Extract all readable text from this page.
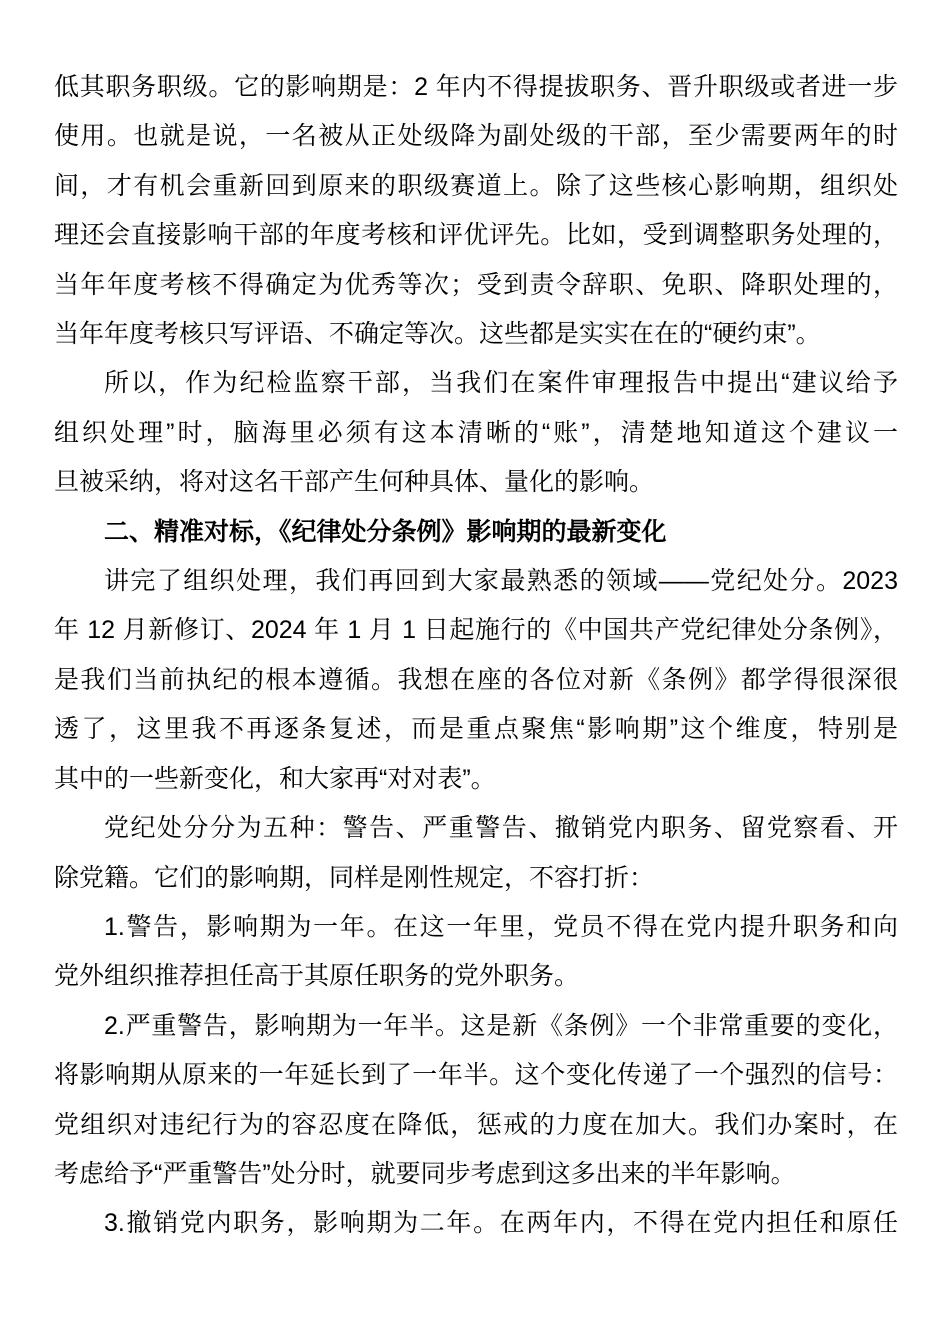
低其职务职级。它的影响期是：2 年内不得提拔职务、晋升职级或者进一步
使用。也就是说，一名被从正处级降为副处级的干部，至少需要两年的时
间，才有机会重新回到原来的职级赛道上。除了这些核心影响期，组织处
理还会直接影响干部的年度考核和评优评先。比如，受到调整职务处理的，
当年年度考核不得确定为优秀等次；受到责令辞职、免职、降职处理的，
当年年度考核只写评语、不确定等次。这些都是实实在在的“硬约束”。
所以，作为纪检监察干部，当我们在案件审理报告中提出“建议给予
组织处理”时，脑海里必须有这本清晰的“账”，清楚地知道这个建议一
旦被采纳，将对这名干部产生何种具体、量化的影响。
二、精准对标，《纪律处分条例》影响期的最新变化
讲完了组织处理，我们再回到大家最熟悉的领域——党纪处分。2023
年 12 月新修订、2024 年 1 月 1 日起施行的《中国共产党纪律处分条例》，
是我们当前执纪的根本遵循。我想在座的各位对新《条例》都学得很深很
透了，这里我不再逐条复述，而是重点聚焦“影响期”这个维度，特别是
其中的一些新变化，和大家再“对对表”。
党纪处分分为五种：警告、严重警告、撤销党内职务、留党察看、开
除党籍。它们的影响期，同样是刚性规定，不容打折：
1.警告，影响期为一年。在这一年里，党员不得在党内提升职务和向
党外组织推荐担任高于其原任职务的党外职务。
2.严重警告，影响期为一年半。这是新《条例》一个非常重要的变化，
将影响期从原来的一年延长到了一年半。这个变化传递了一个强烈的信号：
党组织对违纪行为的容忍度在降低，惩戒的力度在加大。我们办案时，在
考虑给予“严重警告”处分时，就要同步考虑到这多出来的半年影响。
3.撤销党内职务，影响期为二年。在两年内，不得在党内担任和原任
